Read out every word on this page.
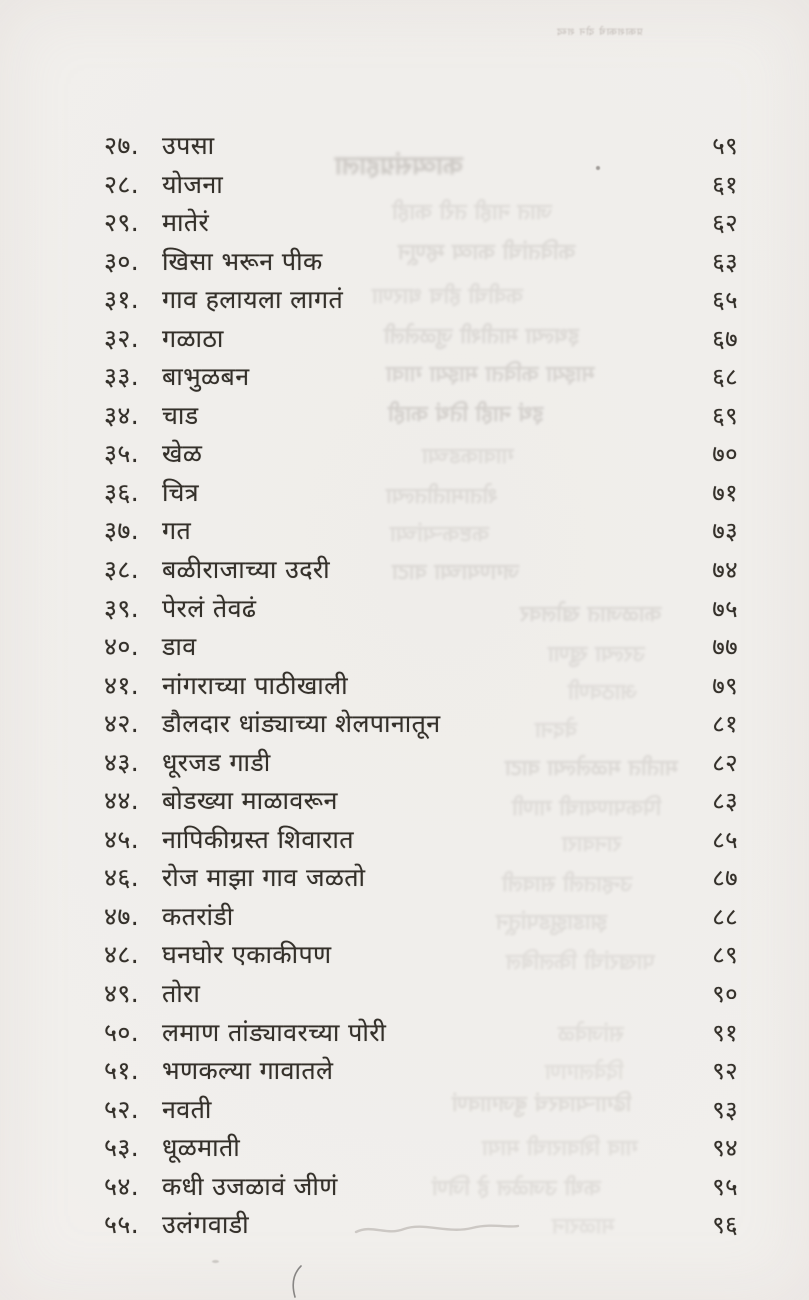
काव्यसंग्रहाला
जात नाही तरी काही
कवितांची काव्य म्हणून
कवीची हीच धारणा
इथल्या मातीशी जुळलेली
माझ्या कविता माझ्या गावा
इथं नाही तिथं काही
गावाकडच्या
शेतामातीतल्या
कष्टकऱ्यांच्या
जगण्याच्या वाटा
काळजात खोलवर
उरल्या खुणा
आठवणी
वेदना
मातीत मळलेल्या वाटा
पिकपाण्याची गाणी
रानवारा
उन्हातली सावली
झाडाझुडपांतून
पाखरांची किलबिल
सांजवेळ
दिवेलागण
ढिगाऱ्यावरचं बुजगावणं
गाव शिवाराची माया
कधी उजळेल हे जिणं
माळरान
प्रकाशकाचे दोन शब्द
२७. उपसा	५९
२८. योजना	६१
२९. मातेरं	६२
३०. खिसा भरून पीक	६३
३१. गाव हलायला लागतं	६५
३२. गळाठा	६७
३३. बाभुळबन	६८
३४. चाड	६९
३५. खेळ	७०
३६. चित्र	७१
३७. गत	७३
३८. बळीराजाच्या उदरी	७४
३९. पेरलं तेवढं	७५
४०. डाव	७७
४१. नांगराच्या पाठीखाली	७९
४२. डौलदार धांड्याच्या शेलपानातून	८१
४३. धूरजड गाडी	८२
४४. बोडख्या माळावरून	८३
४५. नापिकीग्रस्त शिवारात	८५
४६. रोज माझा गाव जळतो	८७
४७. कतरांडी	८८
४८. घनघोर एकाकीपण	८९
४९. तोरा	९०
५०. लमाण तांड्यावरच्या पोरी	९१
५१. भणकल्या गावातले	९२
५२. नवती	९३
५३. धूळमाती	९४
५४. कधी उजळावं जीणं	९५
५५. उलंगवाडी	९६
